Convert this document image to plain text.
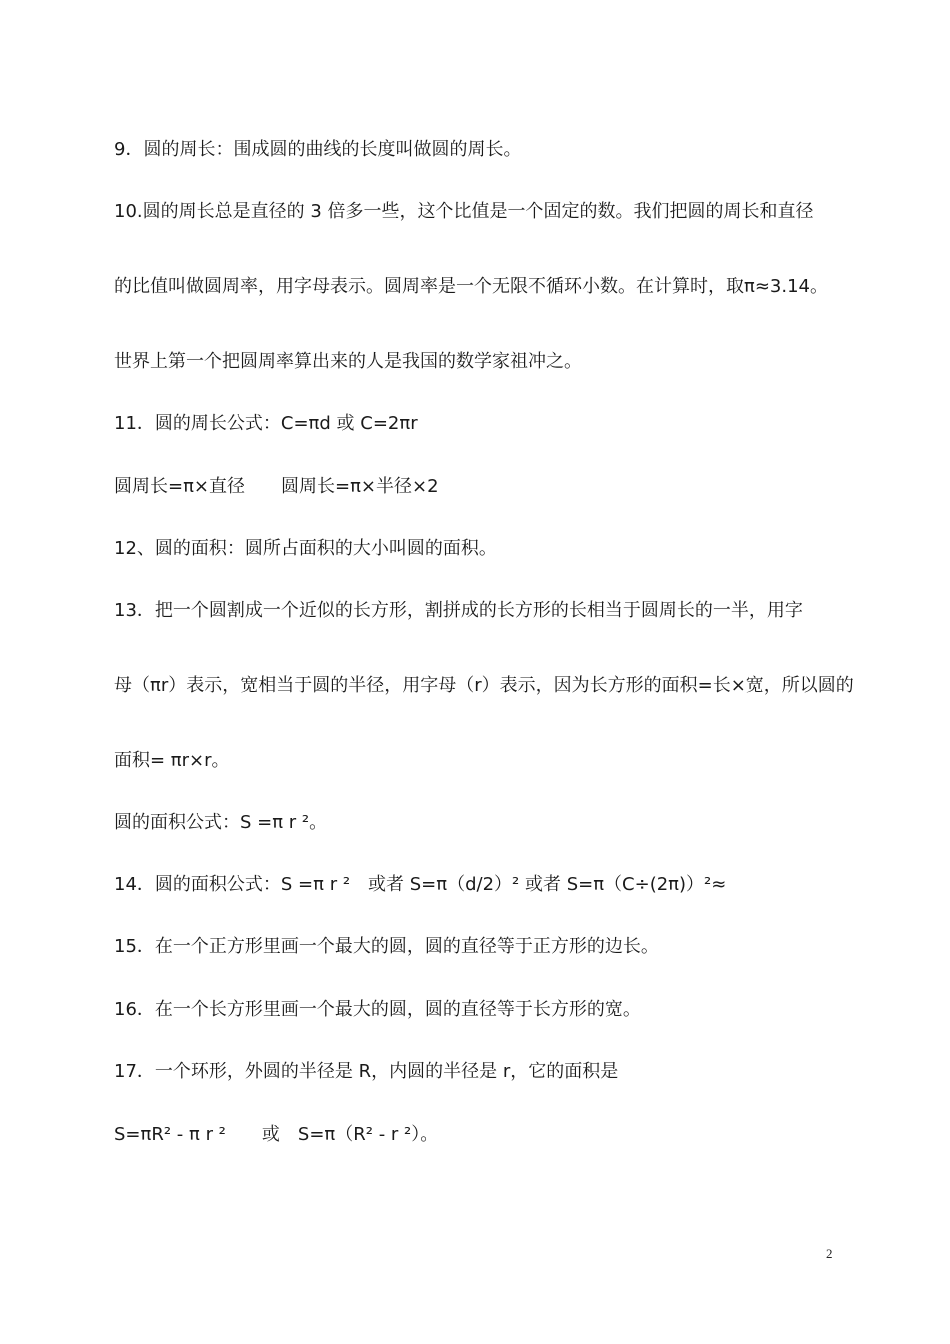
9．圆的周长：围成圆的曲线的长度叫做圆的周长。
10.圆的周长总是直径的 3 倍多一些，这个比值是一个固定的数。我们把圆的周长和直径
的比值叫做圆周率，用字母表示。圆周率是一个无限不循环小数。在计算时，取π≈3.14。
世界上第一个把圆周率算出来的人是我国的数学家祖冲之。
11．圆的周长公式：C=πd 或 C=2πr
圆周长=π×直径　　圆周长=π×半径×2
12、圆的面积：圆所占面积的大小叫圆的面积。
13．把一个圆割成一个近似的长方形，割拼成的长方形的长相当于圆周长的一半，用字
母（πr）表示，宽相当于圆的半径，用字母（r）表示，因为长方形的面积=长×宽，所以圆的
面积= πr×r。
圆的面积公式：S =π r ²。
14．圆的面积公式：S =π r ²　或者 S=π（d/2）² 或者 S=π（C÷(2π)）²≈
15．在一个正方形里画一个最大的圆，圆的直径等于正方形的边长。
16．在一个长方形里画一个最大的圆，圆的直径等于长方形的宽。
17．一个环形，外圆的半径是 R，内圆的半径是 r，它的面积是
S=πR² - π r ²　　或　S=π（R² - r ²）。
2
